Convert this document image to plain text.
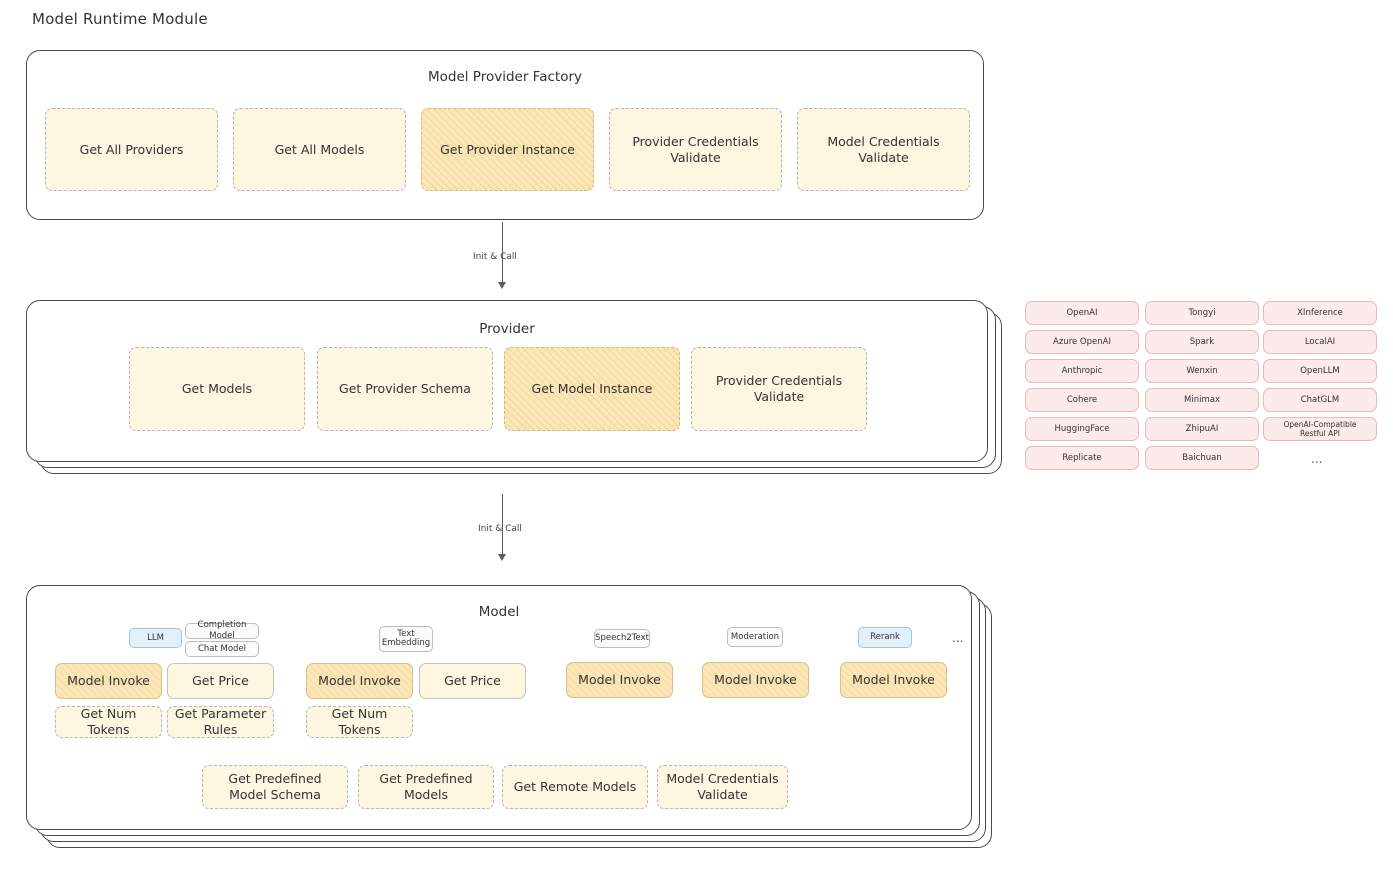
Model Runtime Module
Model Provider Factory
Get All Providers	Get All Models	Get Provider Instance
Provider Credentials Validate
Model Credentials Validate
Init & Call
Provider
Get Models	Get Provider Schema	Get Model Instance
Provider Credentials Validate
OpenAI
Azure OpenAI
Anthropic
Cohere
HuggingFace
Replicate
Tongyi
Spark
Wenxin
Minimax
ZhipuAI
Baichuan
XInference
LocalAI
OpenLLM
ChatGLM
OpenAI-Compatible Restful API
...
Init & Call
Model
LLM
Completion Model
Chat Model
Text Embedding	Speech2Text	Moderation	Rerank	...
Model Invoke	Get Price
Get Num Tokens
Get Parameter Rules
Model Invoke	Get Price
Get Num Tokens
Model Invoke	Model Invoke	Model Invoke
Get Predefined Model Schema
Get Predefined Models
Get Remote Models
Model Credentials Validate
